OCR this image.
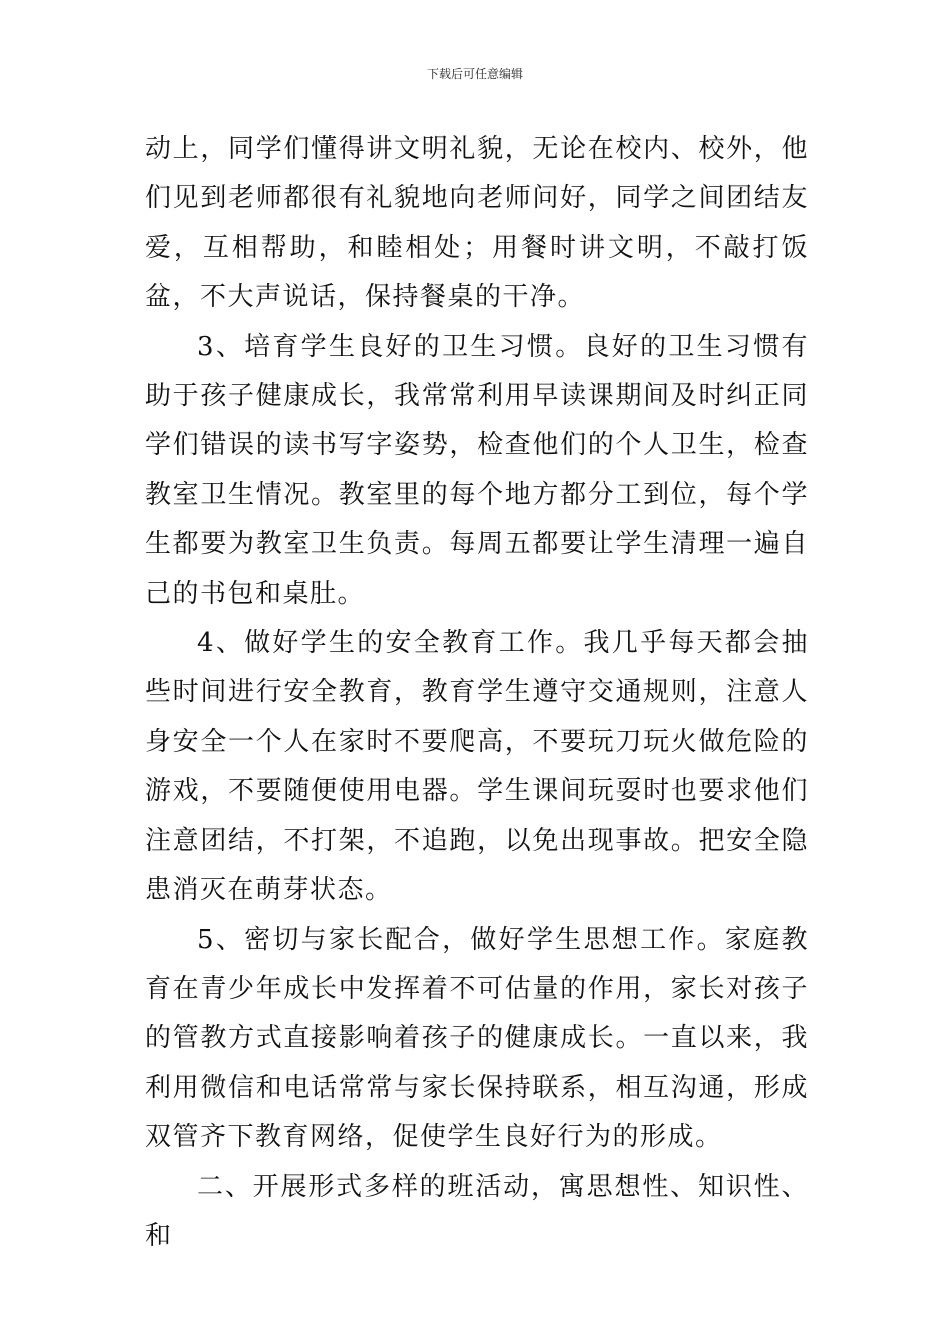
下载后可任意编辑

动上，同学们懂得讲文明礼貌，无论在校内、校外，他们见到老师都很有礼貌地向老师问好，同学之间团结友爱，互相帮助，和睦相处；用餐时讲文明，不敲打饭盆，不大声说话，保持餐桌的干净。

3、培育学生良好的卫生习惯。良好的卫生习惯有助于孩子健康成长，我常常利用早读课期间及时纠正同学们错误的读书写字姿势，检查他们的个人卫生，检查教室卫生情况。教室里的每个地方都分工到位，每个学生都要为教室卫生负责。每周五都要让学生清理一遍自己的书包和桌肚。

4、做好学生的安全教育工作。我几乎每天都会抽些时间进行安全教育，教育学生遵守交通规则，注意人身安全一个人在家时不要爬高，不要玩刀玩火做危险的游戏，不要随便使用电器。学生课间玩耍时也要求他们注意团结，不打架，不追跑，以免出现事故。把安全隐患消灭在萌芽状态。

5、密切与家长配合，做好学生思想工作。家庭教育在青少年成长中发挥着不可估量的作用，家长对孩子的管教方式直接影响着孩子的健康成长。一直以来，我利用微信和电话常常与家长保持联系，相互沟通，形成双管齐下教育网络，促使学生良好行为的形成。

二、开展形式多样的班活动，寓思想性、知识性、和
